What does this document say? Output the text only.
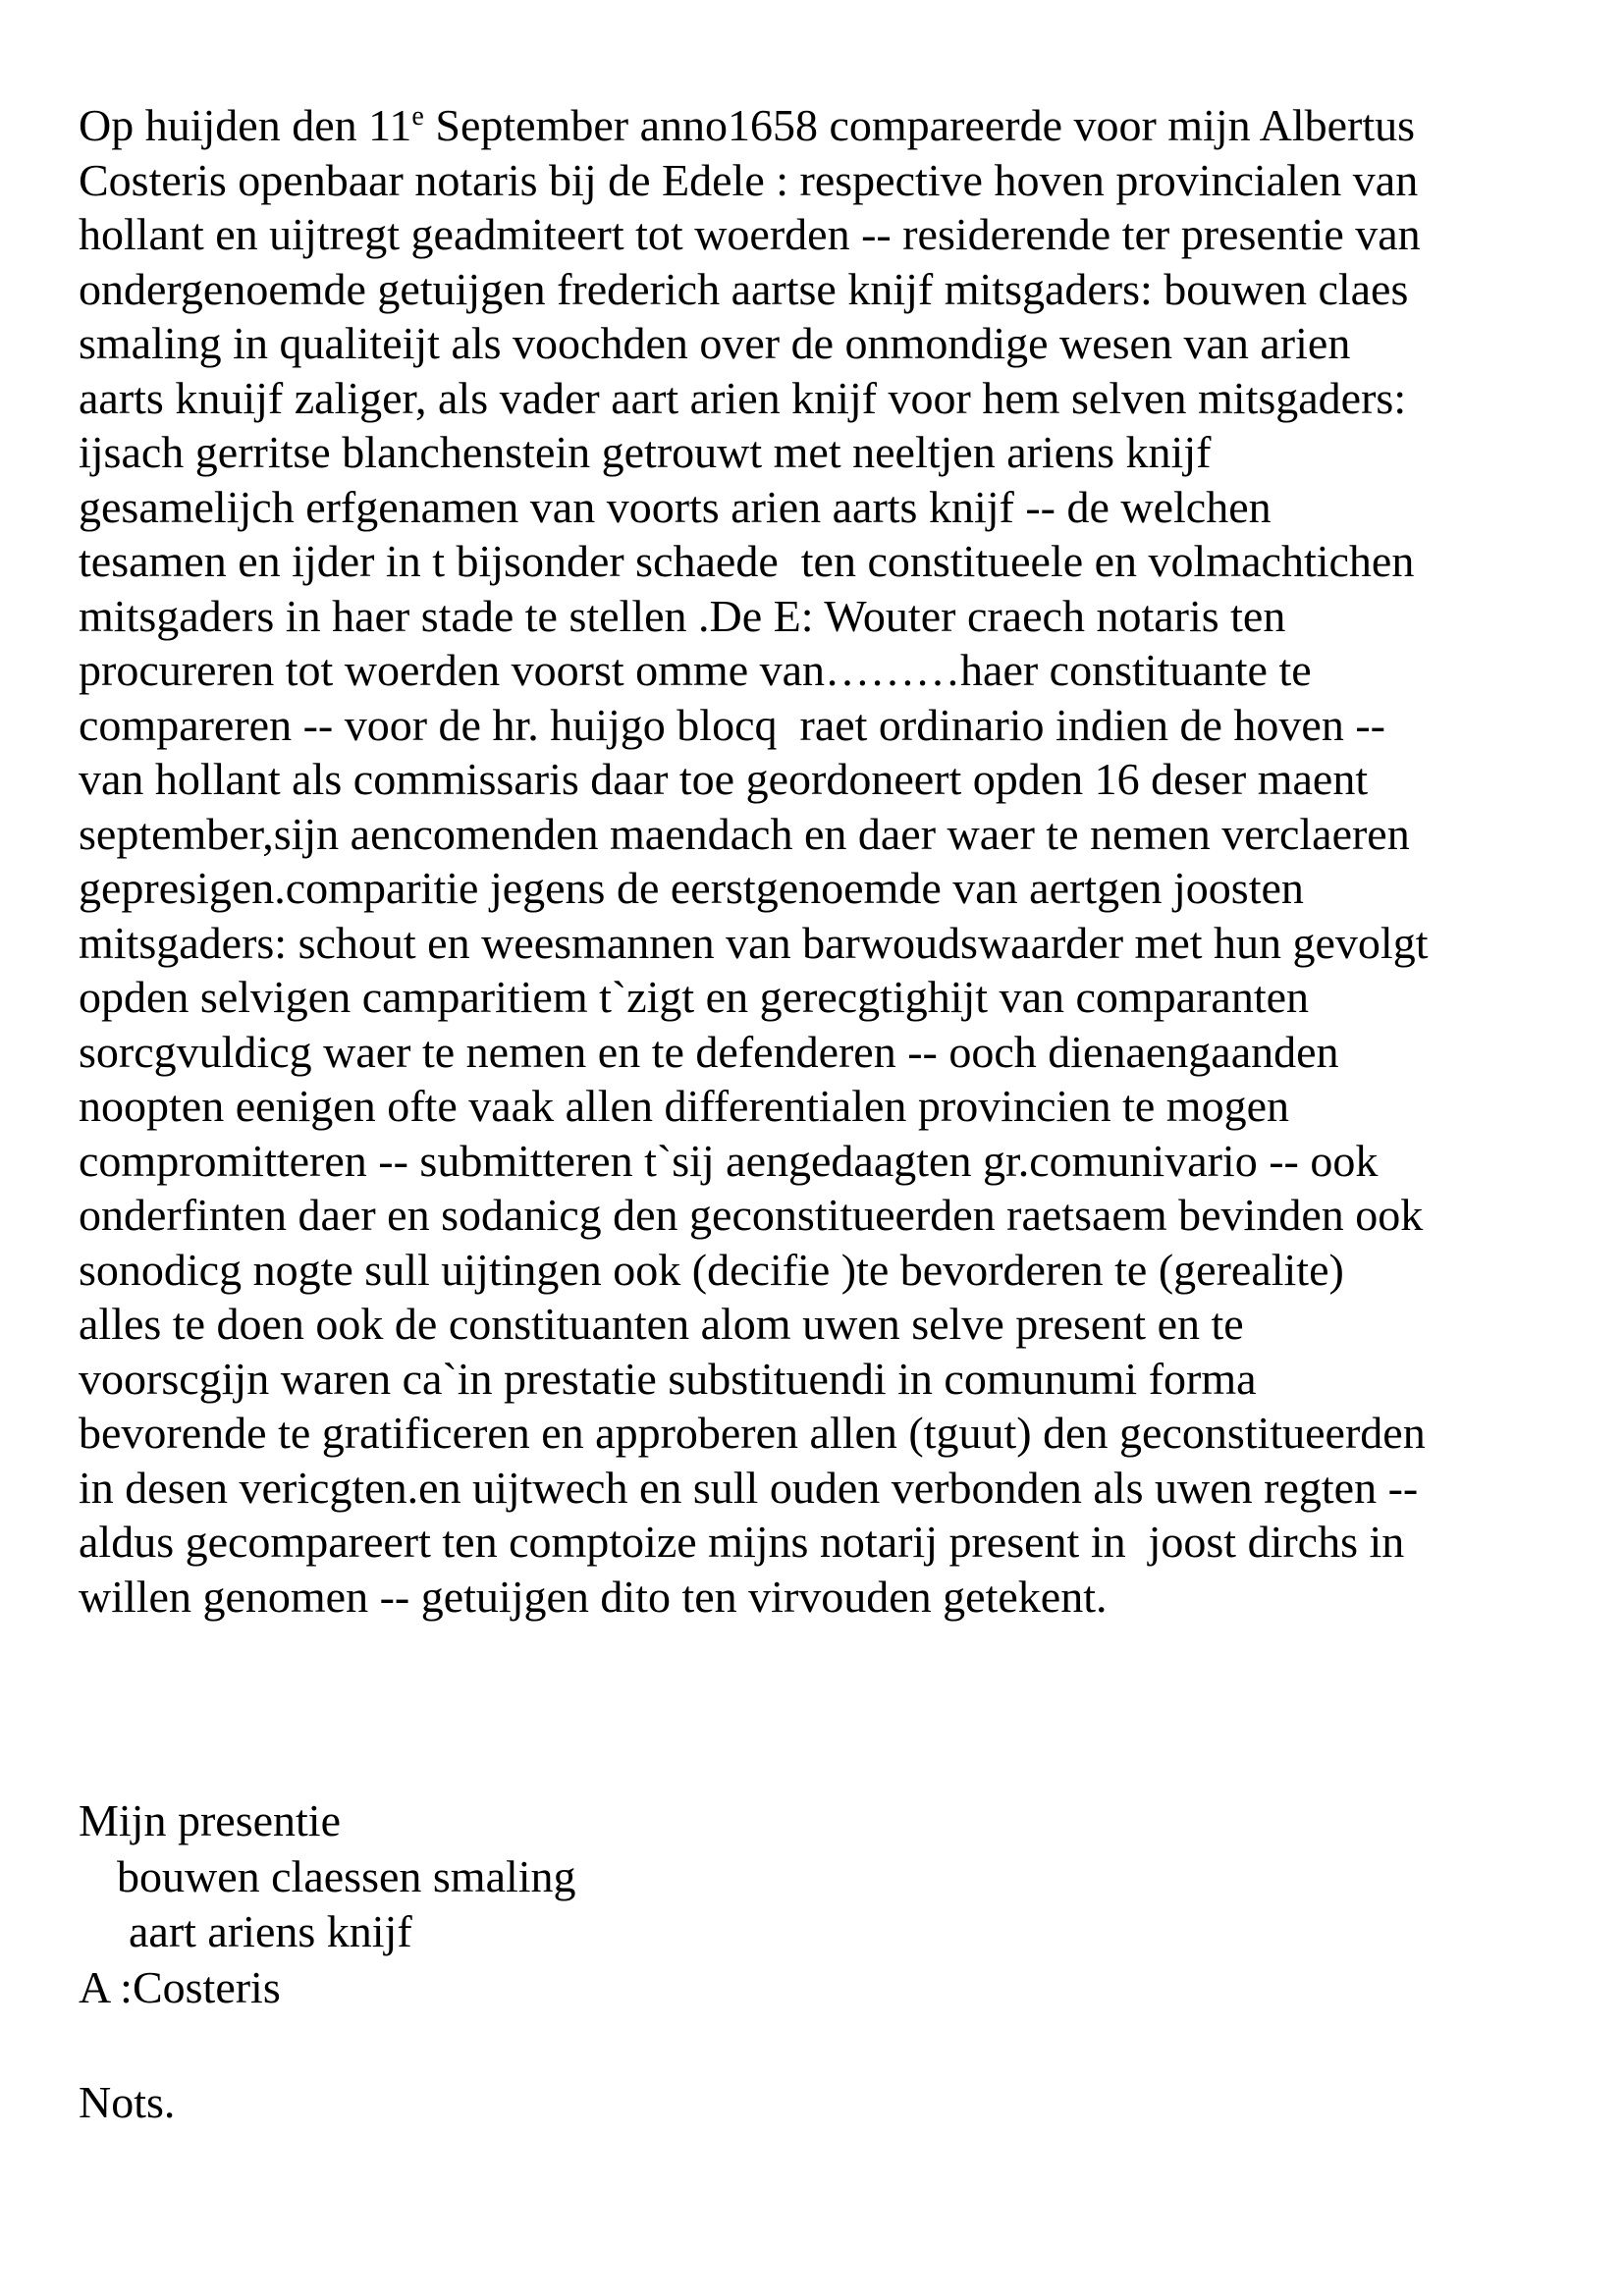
Op huijden den 11e September anno1658 compareerde voor mijn Albertus
Costeris openbaar notaris bij de Edele : respective hoven provincialen van
hollant en uijtregt geadmiteert tot woerden -- residerende ter presentie van
ondergenoemde getuijgen frederich aartse knijf mitsgaders: bouwen claes
smaling in qualiteijt als voochden over de onmondige wesen van arien
aarts knuijf zaliger, als vader aart arien knijf voor hem selven mitsgaders:
ijsach gerritse blanchenstein getrouwt met neeltjen ariens knijf
gesamelijch erfgenamen van voorts arien aarts knijf -- de welchen
tesamen en ijder in t bijsonder schaede  ten constitueele en volmachtichen
mitsgaders in haer stade te stellen .De E: Wouter craech notaris ten
procureren tot woerden voorst omme van………haer constituante te
compareren -- voor de hr. huijgo blocq  raet ordinario indien de hoven --
van hollant als commissaris daar toe geordoneert opden 16 deser maent
september,sijn aencomenden maendach en daer waer te nemen verclaeren
gepresigen.comparitie jegens de eerstgenoemde van aertgen joosten
mitsgaders: schout en weesmannen van barwoudswaarder met hun gevolgt
opden selvigen camparitiem t`zigt en gerecgtighijt van comparanten
sorcgvuldicg waer te nemen en te defenderen -- ooch dienaengaanden
noopten eenigen ofte vaak allen differentialen provincien te mogen
compromitteren -- submitteren t`sij aengedaagten gr.comunivario -- ook
onderfinten daer en sodanicg den geconstitueerden raetsaem bevinden ook
sonodicg nogte sull uijtingen ook (decifie )te bevorderen te (gerealite)
alles te doen ook de constituanten alom uwen selve present en te
voorscgijn waren ca`in prestatie substituendi in comunumi forma
bevorende te gratificeren en approberen allen (tguut) den geconstitueerden
in desen vericgten.en uijtwech en sull ouden verbonden als uwen regten --
aldus gecompareert ten comptoize mijns notarij present in  joost dirchs in
willen genomen -- getuijgen dito ten virvouden getekent.
Mijn presentie
bouwen claessen smaling
aart ariens knijf
A :Costeris
Nots.
